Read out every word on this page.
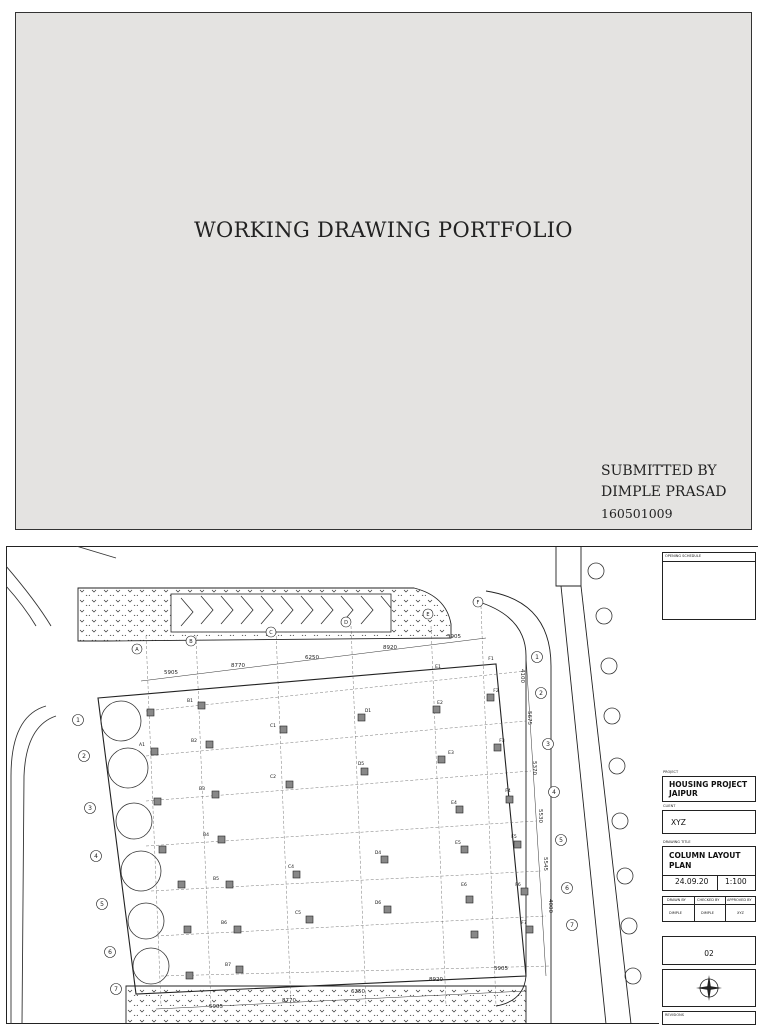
WORKING DRAWING PORTFOLIO
SUBMITTED BY
DIMPLE PRASAD
160501009
1
2
3
4
5
6
7
1
2
3
4
5
6
7
A
B
C
D
E
F
5905
8770
6250
8920
5905
5905
8770
6250
8920
5905
4100
5675
5370
5530
5545
4000
D1
C1
C2
D5
E1
E2
E3
E4
E5
E6
F1
F2
F3
F4
F5
F6
F7
B1
B2
B3
B4
B5
B6
B7
D4
D6
C4
C5
A1
OPENING SCHEDULE
PROJECT
HOUSING PROJECT
JAIPUR
CLIENT
XYZ
DRAWING TITLE
COLUMN LAYOUT
PLAN
24.09.20 1:100
DRAWN BY	CHECKED BY APPROVED BY
DIMPLE	DIMPLE	XYZ
02
REVISIONS
